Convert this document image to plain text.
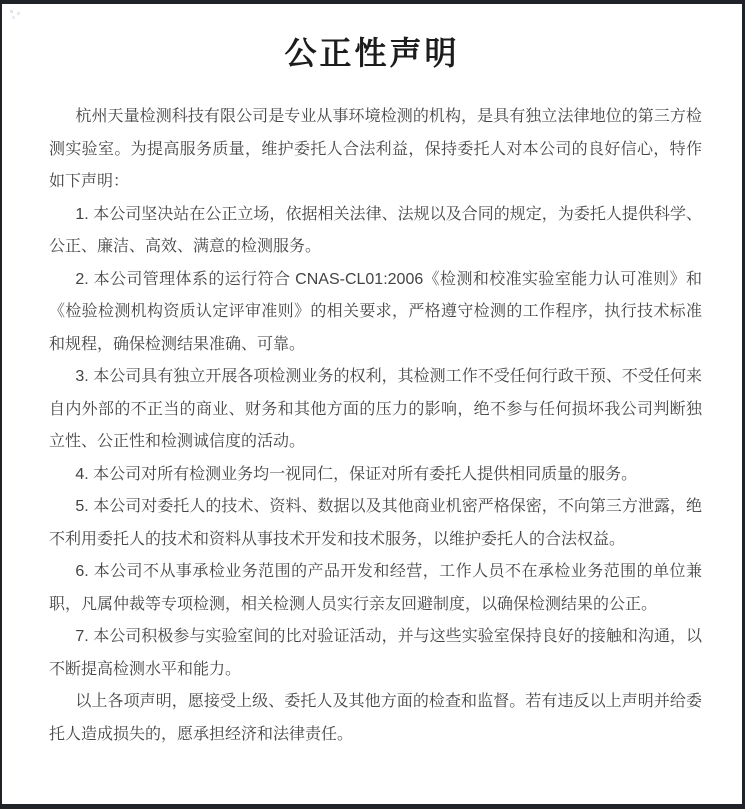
公正性声明

杭州天量检测科技有限公司是专业从事环境检测的机构，是具有独立法律地位的第三方检测实验室。为提高服务质量，维护委托人合法利益，保持委托人对本公司的良好信心，特作如下声明：

1. 本公司坚决站在公正立场，依据相关法律、法规以及合同的规定，为委托人提供科学、公正、廉洁、高效、满意的检测服务。

2. 本公司管理体系的运行符合 CNAS-CL01:2006《检测和校准实验室能力认可准则》和《检验检测机构资质认定评审准则》的相关要求，严格遵守检测的工作程序，执行技术标准和规程，确保检测结果准确、可靠。

3. 本公司具有独立开展各项检测业务的权利，其检测工作不受任何行政干预、不受任何来自内外部的不正当的商业、财务和其他方面的压力的影响，绝不参与任何损坏我公司判断独立性、公正性和检测诚信度的活动。

4. 本公司对所有检测业务均一视同仁，保证对所有委托人提供相同质量的服务。

5. 本公司对委托人的技术、资料、数据以及其他商业机密严格保密，不向第三方泄露，绝不利用委托人的技术和资料从事技术开发和技术服务，以维护委托人的合法权益。

6. 本公司不从事承检业务范围的产品开发和经营，工作人员不在承检业务范围的单位兼职，凡属仲裁等专项检测，相关检测人员实行亲友回避制度，以确保检测结果的公正。

7. 本公司积极参与实验室间的比对验证活动，并与这些实验室保持良好的接触和沟通，以不断提高检测水平和能力。

以上各项声明，愿接受上级、委托人及其他方面的检查和监督。若有违反以上声明并给委托人造成损失的，愿承担经济和法律责任。
